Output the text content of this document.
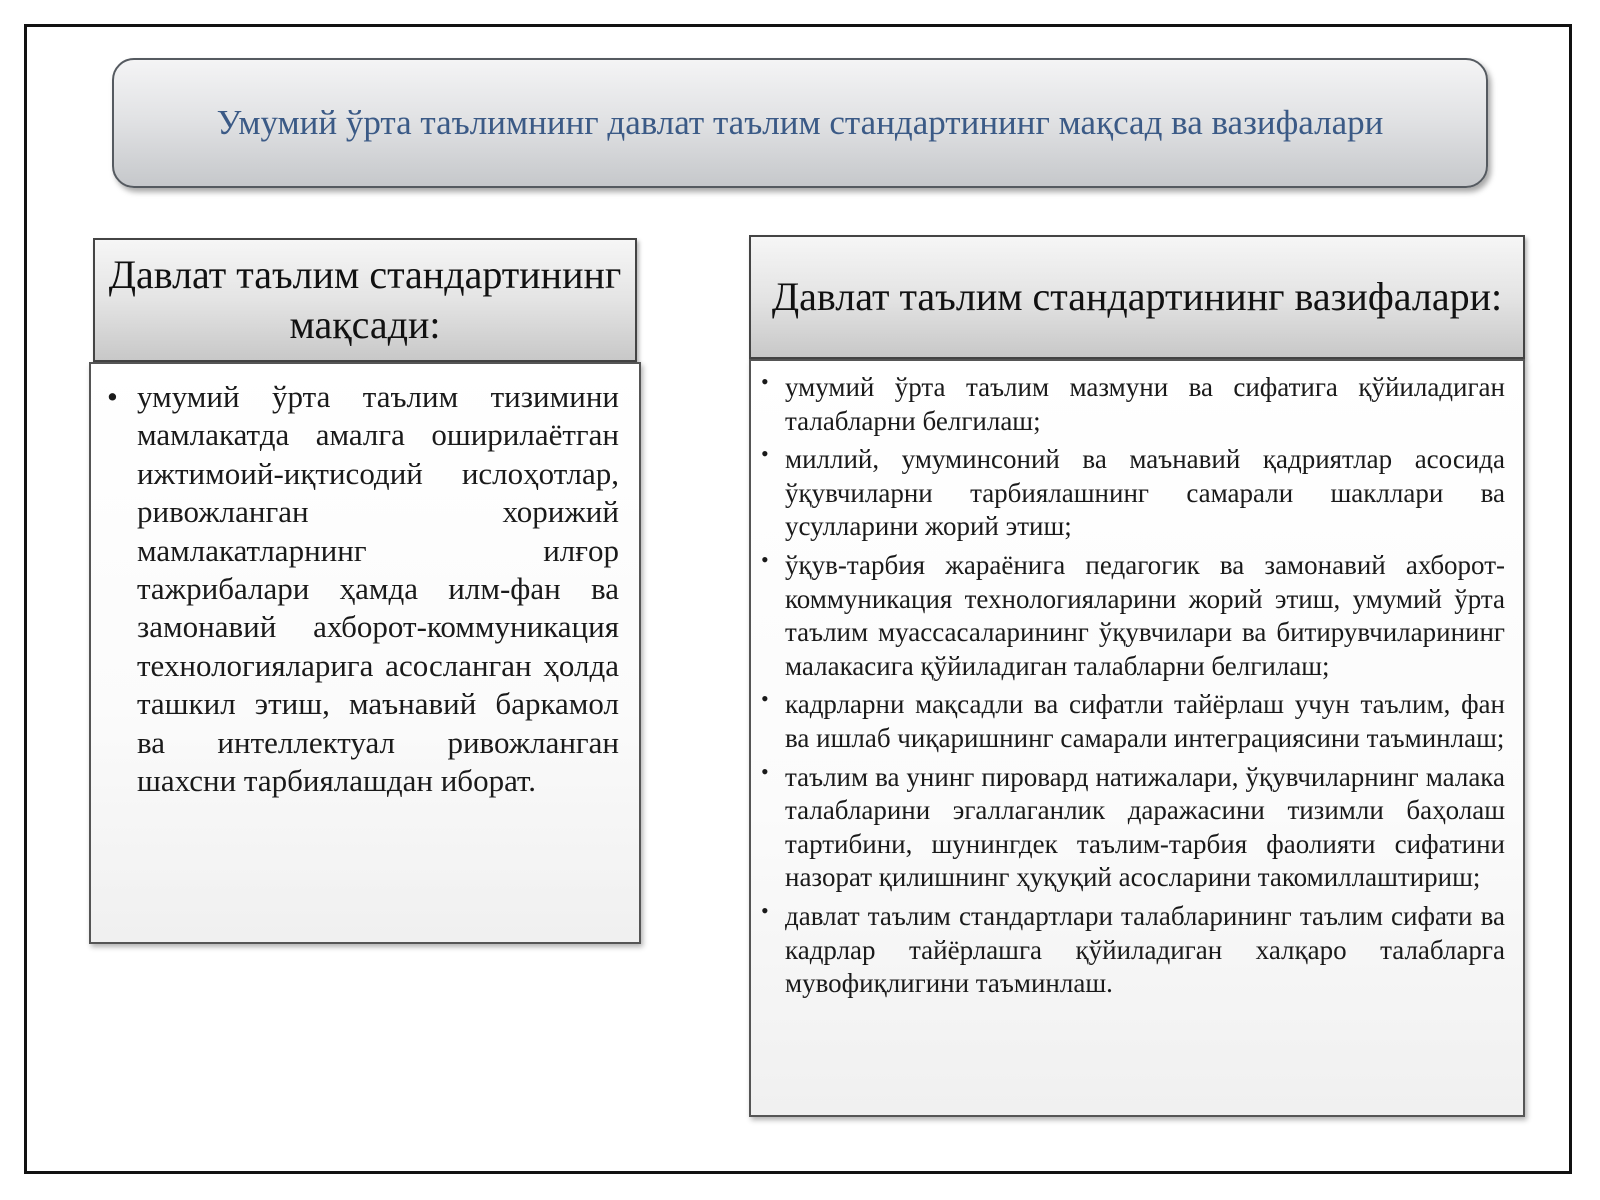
Умумий ўрта таълимнинг давлат таълим стандартининг мақсад ва вазифалари
Давлат таълим стандартининг мақсади:
• умумий ўрта таълим тизимини мамлакатда амалга оширилаётган ижтимоий-иқтисодий ислоҳотлар, ривожланган хорижий мамлакатларнинг илғор тажрибалари ҳамда илм-фан ва замонавий ахборот-коммуникация технологияларига асосланган ҳолда ташкил этиш, маънавий баркамол ва интеллектуал ривожланган шахсни тарбиялашдан иборат.
Давлат таълим стандартининг вазифалари:
• умумий ўрта таълим мазмуни ва сифатига қўйиладиган талабларни белгилаш;
• миллий, умуминсоний ва маънавий қадриятлар асосида ўқувчиларни тарбиялашнинг самарали шакллари ва усулларини жорий этиш;
• ўқув-тарбия жараёнига педагогик ва замонавий ахборот-коммуникация технологияларини жорий этиш, умумий ўрта таълим муассасаларининг ўқувчилари ва битирувчиларининг малакасига қўйиладиган талабларни белгилаш;
• кадрларни мақсадли ва сифатли тайёрлаш учун таълим, фан ва ишлаб чиқаришнинг самарали интеграциясини таъминлаш;
• таълим ва унинг пировард натижалари, ўқувчиларнинг малака талабларини эгаллаганлик даражасини тизимли баҳолаш тартибини, шунингдек таълим-тарбия фаолияти сифатини назорат қилишнинг ҳуқуқий асосларини такомиллаштириш;
• давлат таълим стандартлари талабларининг таълим сифати ва кадрлар тайёрлашга қўйиладиган халқаро талабларга мувофиқлигини таъминлаш.
